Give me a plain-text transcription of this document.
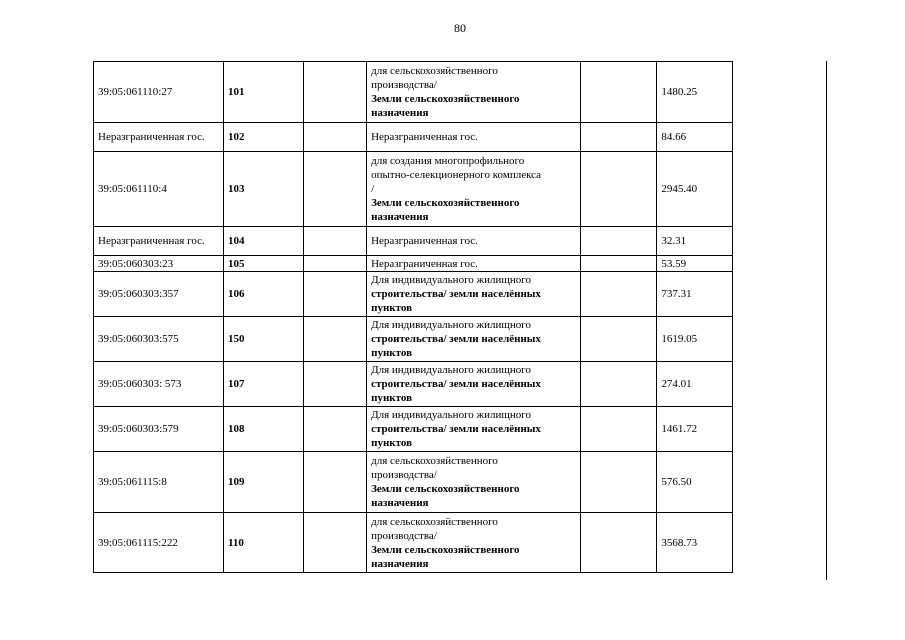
80
39:05:061110:27	101		для сельскохозяйственного
производства/
Земли сельскохозяйственного
назначения		1480.25
Неразграниченная гос.	102		Неразграниченная гос.		84.66
39:05:061110:4	103		для создания многопрофильного
опытно-селекционерного комплекса
/
Земли сельскохозяйственного
назначения		2945.40
Неразграниченная гос.	104		Неразграниченная гос.		32.31
39:05:060303:23	105		Неразграниченная гос.		53.59
39:05:060303:357	106		Для индивидуального жилищного
строительства/ земли населённых
пунктов		737.31
39:05:060303:575	150		Для индивидуального жилищного
строительства/ земли населённых
пунктов		1619.05
39:05:060303: 573	107		Для индивидуального жилищного
строительства/ земли населённых
пунктов		274.01
39:05:060303:579	108		Для индивидуального жилищного
строительства/ земли населённых
пунктов		1461.72
39:05:061115:8	109		для сельскохозяйственного
производства/
Земли сельскохозяйственного
назначения		576.50
39:05:061115:222	110		для сельскохозяйственного
производства/
Земли сельскохозяйственного
назначения		3568.73
